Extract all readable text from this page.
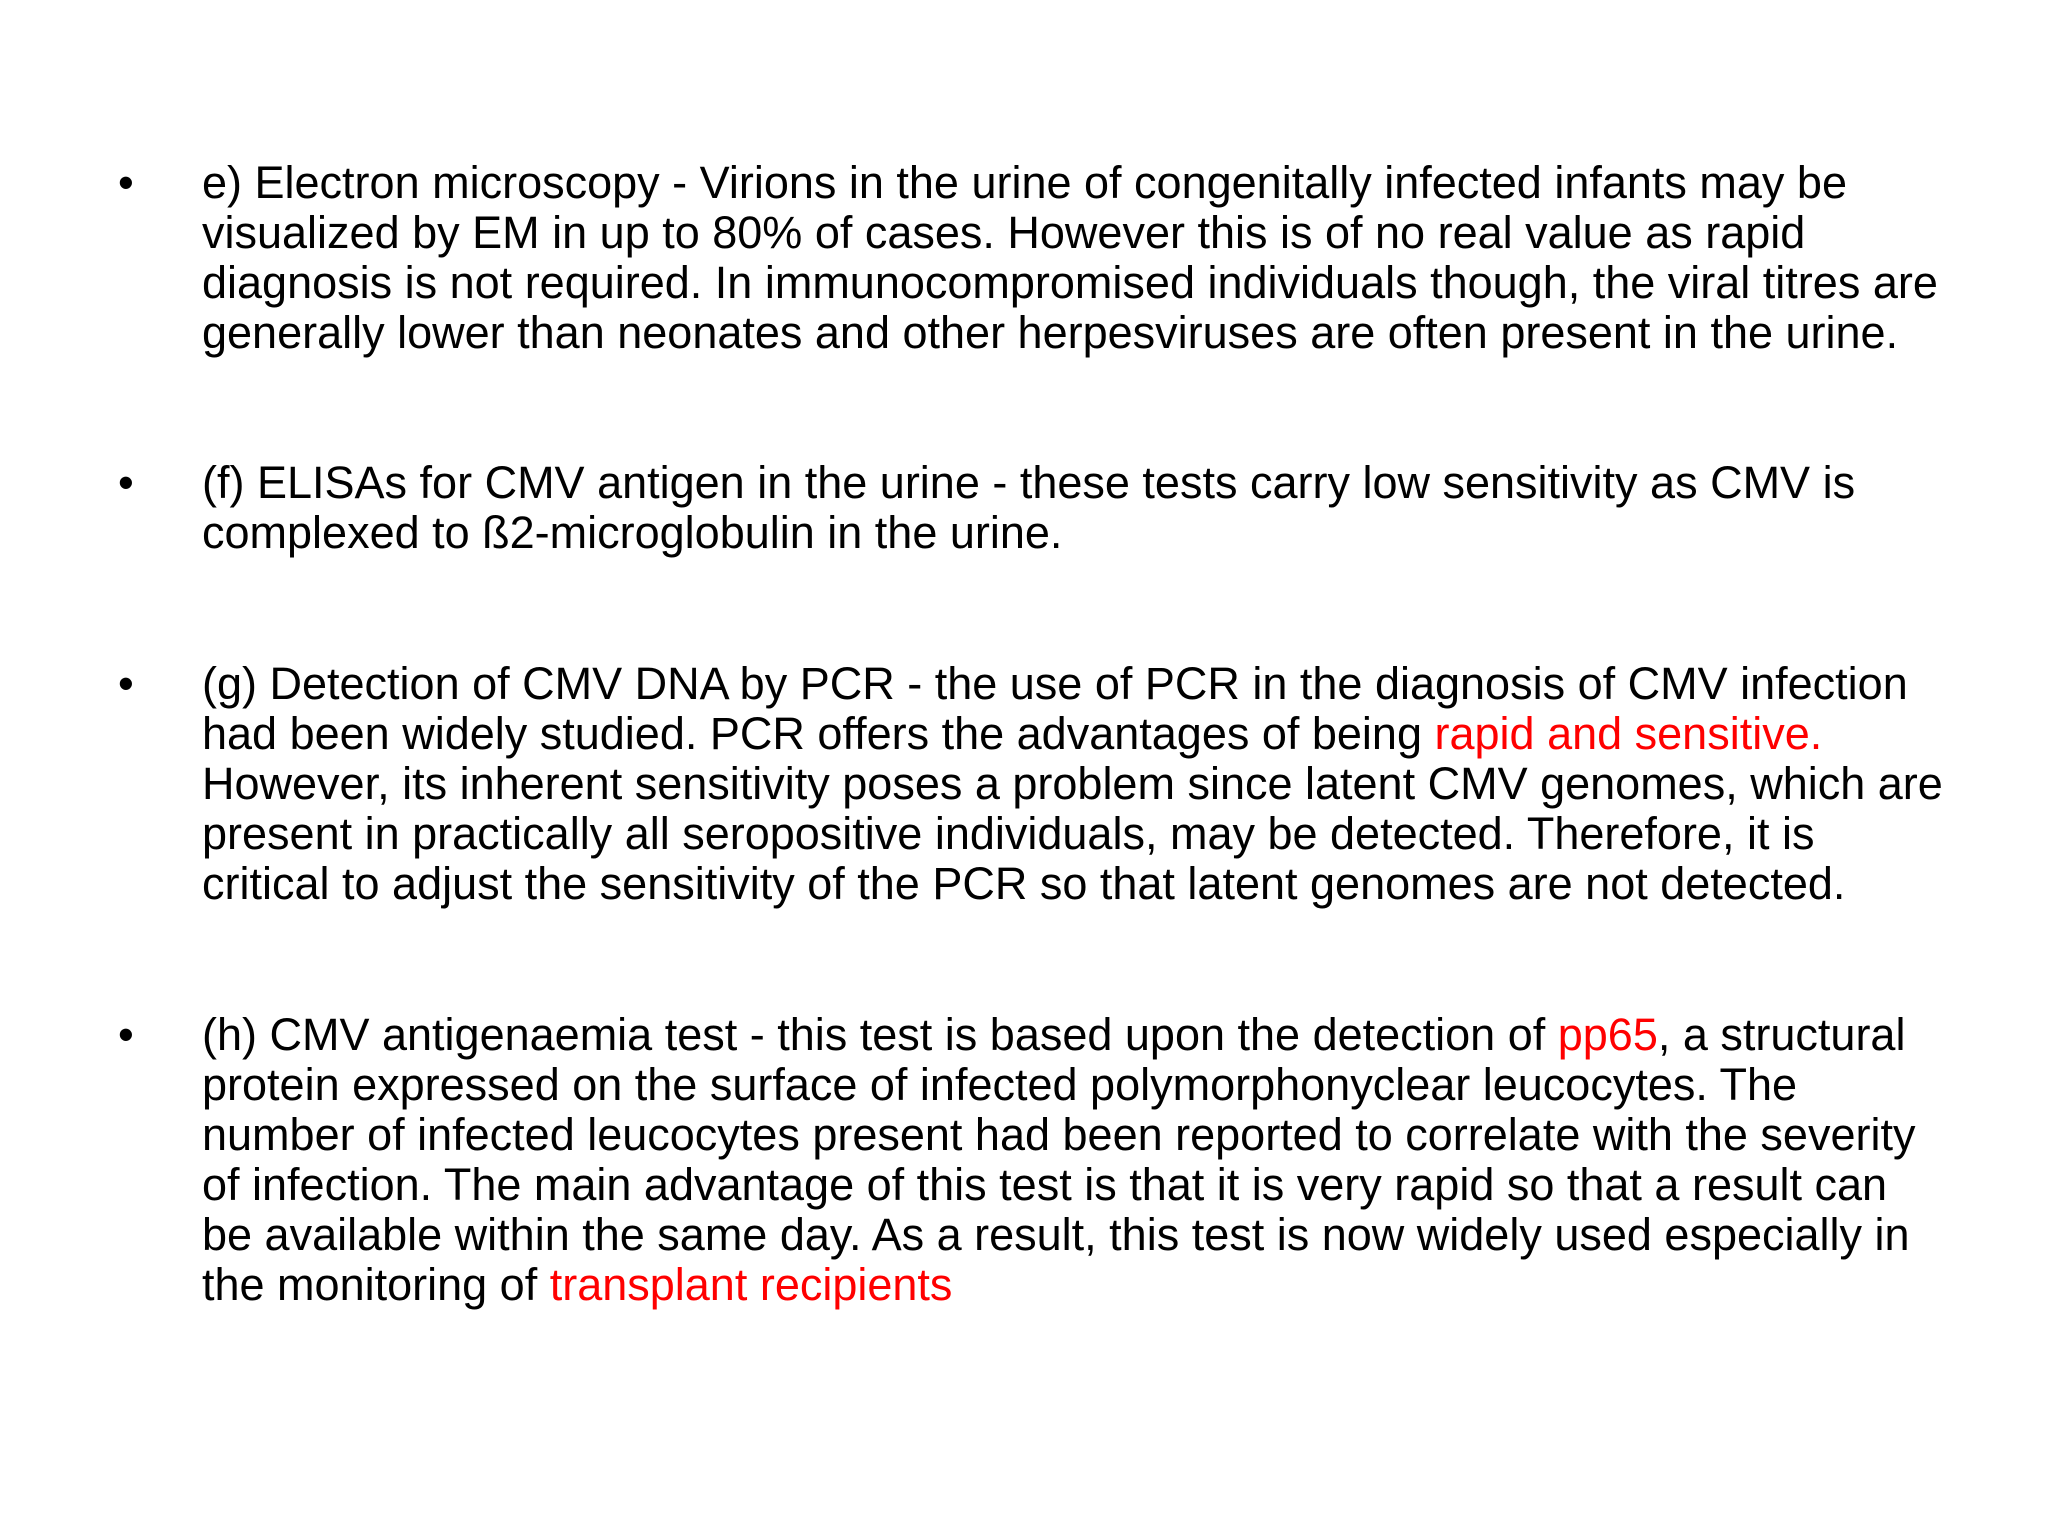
•	e) Electron microscopy - Virions in the urine of congenitally infected infants may be visualized by EM in up to 80% of cases. However this is of no real value as rapid diagnosis is not required. In immunocompromised individuals though, the viral titres are generally lower than neonates and other herpesviruses are often present in the urine.
•	(f) ELISAs for CMV antigen in the urine - these tests carry low sensitivity as CMV is complexed to ß2-microglobulin in the urine.
•	(g) Detection of CMV DNA by PCR - the use of PCR in the diagnosis of CMV infection had been widely studied. PCR offers the advantages of being rapid and sensitive. However, its inherent sensitivity poses a problem since latent CMV genomes, which are present in practically all seropositive individuals, may be detected. Therefore, it is critical to adjust the sensitivity of the PCR so that latent genomes are not detected.
•	(h) CMV antigenaemia test - this test is based upon the detection of pp65, a structural protein expressed on the surface of infected polymorphonyclear leucocytes. The number of infected leucocytes present had been reported to correlate with the severity of infection. The main advantage of this test is that it is very rapid so that a result can be available within the same day. As a result, this test is now widely used especially in the monitoring of transplant recipients
